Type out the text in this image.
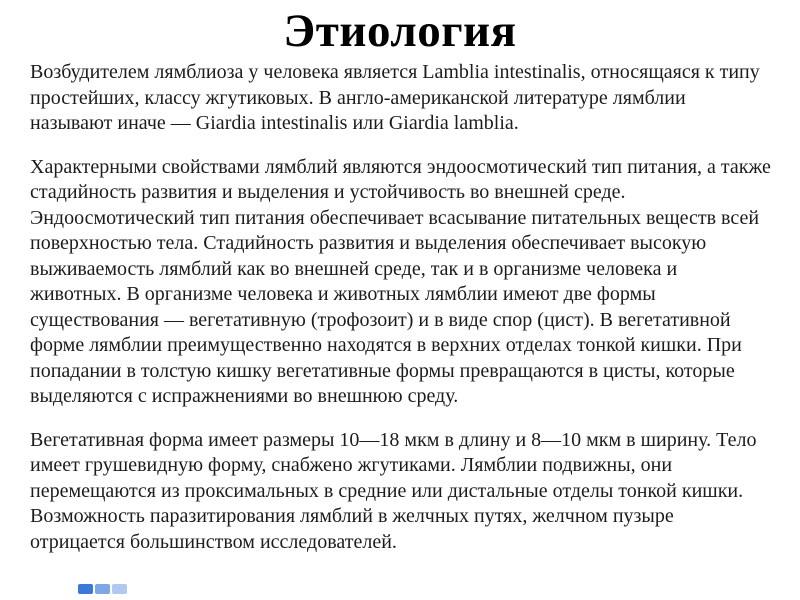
Этиология

Возбудителем лямблиоза у человека является Lamblia intestinalis, относящаяся к типу простейших, классу жгутиковых. В англо-американской литературе лямблии называют иначе — Giardia intestinalis или Giardia lamblia.

Характерными свойствами лямблий являются эндоосмотический тип питания, а также стадийность развития и выделения и устойчивость во внешней среде. Эндоосмотический тип питания обеспечивает всасывание питательных веществ всей поверхностью тела. Стадийность развития и выделения обеспечивает высокую выживаемость лямблий как во внешней среде, так и в организме человека и животных. В организме человека и животных лямблии имеют две формы существования — вегетативную (трофозоит) и в виде спор (цист). В вегетативной форме лямблии преимущественно находятся в верхних отделах тонкой кишки. При попадании в толстую кишку вегетативные формы превращаются в цисты, которые выделяются с испражнениями во внешнюю среду.

Вегетативная форма имеет размеры 10—18 мкм в длину и 8—10 мкм в ширину. Тело имеет грушевидную форму, снабжено жгутиками. Лямблии подвижны, они перемещаются из проксимальных в средние или дистальные отделы тонкой кишки. Возможность паразитирования лямблий в желчных путях, желчном пузыре отрицается большинством исследователей.
